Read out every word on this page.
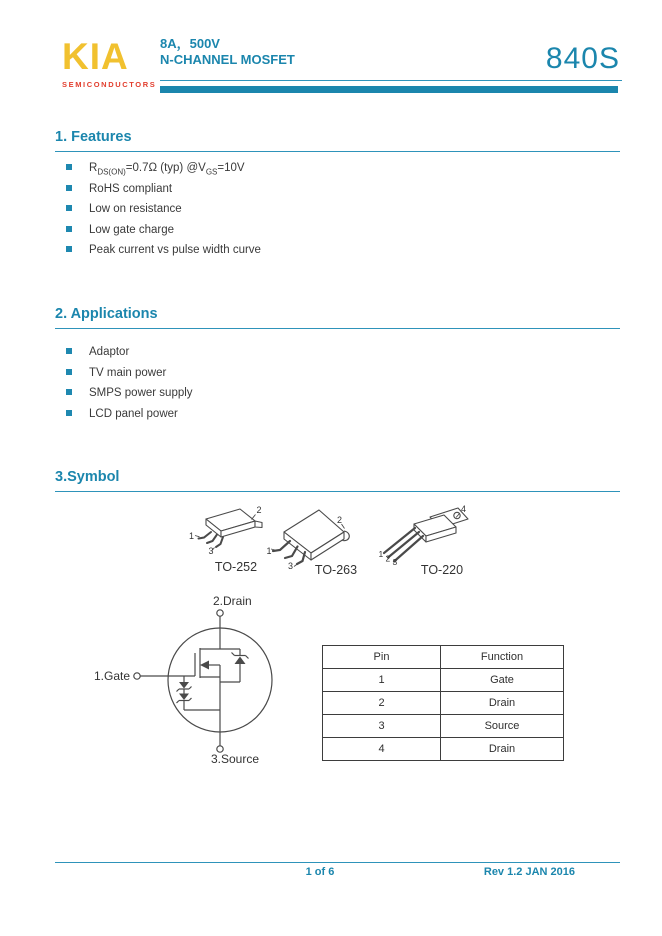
KIA
SEMICONDUCTORS
8A，500V
N-CHANNEL MOSFET	840S
1. Features
$R_{DS(ON)}=0.7\Omega$ (typ) $@V_{GS}=10V$
RoHS compliant
Low on resistance
Low gate charge
Peak current vs pulse width curve
2. Applications
Adaptor
TV main power
SMPS power supply
LCD panel power
3.Symbol
2
1
3
TO-252
2
1
3	TO-263
1 2 3
4
TO-220
2.Drain
1.Gate
3.Source
Pin	Function
1	Gate
2	Drain
3	Source
4	Drain
1 of 6	Rev 1.2 JAN 2016
